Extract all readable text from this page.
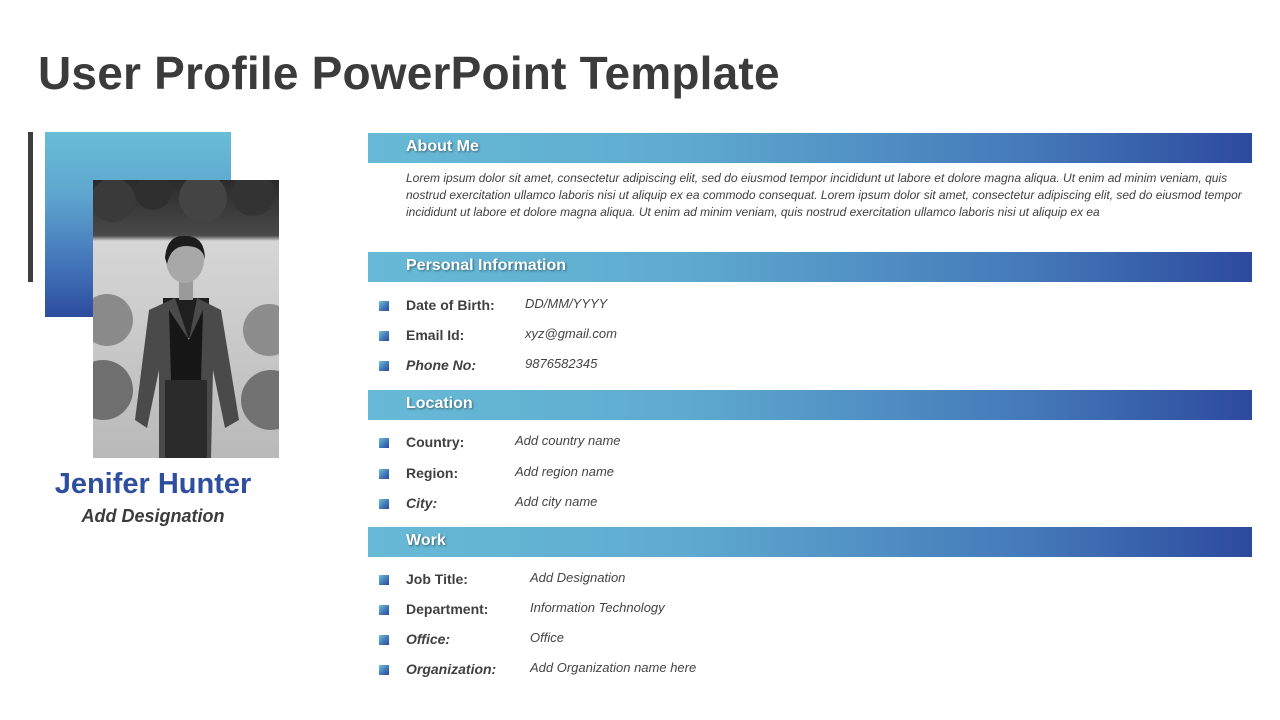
User Profile PowerPoint Template
Jenifer Hunter
Add Designation
About Me

Lorem ipsum dolor sit amet, consectetur adipiscing elit, sed do eiusmod tempor incididunt ut labore et dolore magna aliqua. Ut enim ad minim veniam, quis nostrud exercitation ullamco laboris nisi ut aliquip ex ea commodo consequat. Lorem ipsum dolor sit amet, consectetur adipiscing elit, sed do eiusmod tempor incididunt ut labore et dolore magna aliqua. Ut enim ad minim veniam, quis nostrud exercitation ullamco laboris nisi ut aliquip ex ea

Personal Information
Date of Birth: DD/MM/YYYY
Email Id:	xyz@gmail.com
Phone No:	9876582345
Location
Country:	Add country name
Region:	Add region name
City:	Add city name
Work
Job Title:	Add Designation
Department:	Information Technology
Office:	Office
Organization:	Add Organization name here
